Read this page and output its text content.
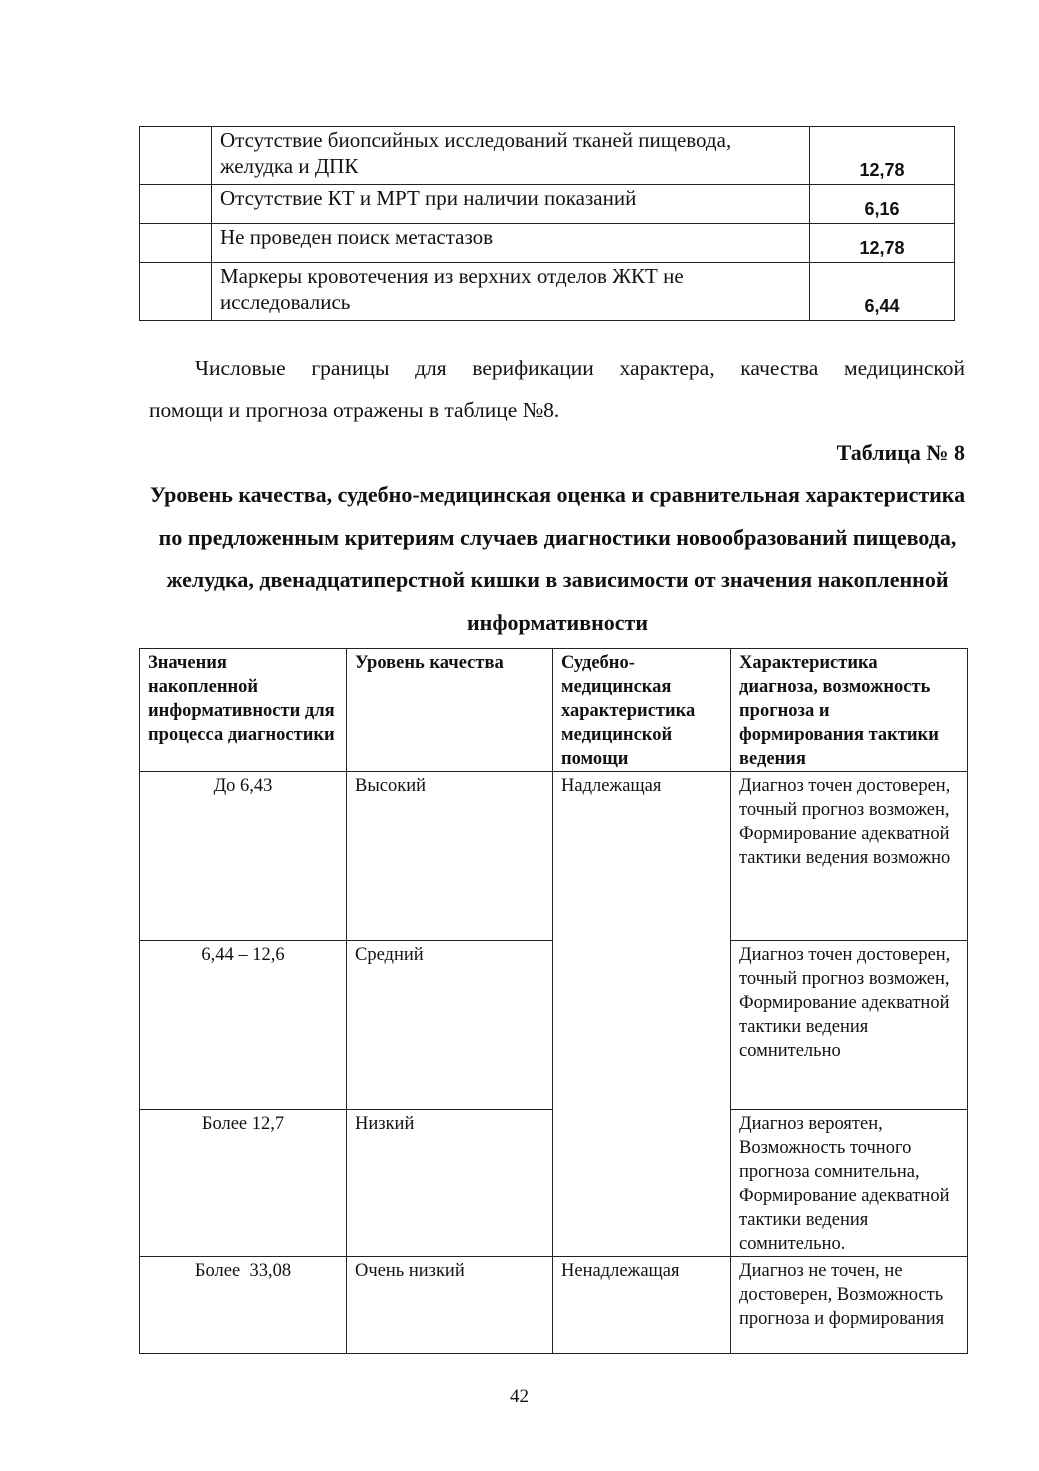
	Отсутствие биопсийных исследований тканей пищевода, желудка и ДПК	12,78
	Отсутствие КТ и МРТ при наличии показаний	6,16
	Не проведен поиск метастазов	12,78
	Маркеры кровотечения из верхних отделов ЖКТ не исследовались	6,44
Числовые границы для верификации характера, качества медицинской
помощи и прогноза отражены в таблице №8.
Таблица № 8
Уровень качества, судебно-медицинская оценка и сравнительная характеристика по предложенным критериям случаев диагностики новообразований пищевода, желудка, двенадцатиперстной кишки в зависимости от значения накопленной информативности
Значения накопленной информативности для процесса диагностики	Уровень качества	Судебно-медицинская характеристика медицинской помощи	Характеристика диагноза, возможность прогноза и формирования тактики ведения
До 6,43	Высокий	Надлежащая	Диагноз точен достоверен, точный прогноз возможен, Формирование адекватной тактики ведения возможно
6,44 – 12,6	Средний		Диагноз точен достоверен, точный прогноз возможен, Формирование адекватной тактики ведения сомнительно
Более 12,7	Низкий		Диагноз вероятен, Возможность точного прогноза сомнительна, Формирование адекватной тактики ведения сомнительно.
Более  33,08	Очень низкий	Ненадлежащая	Диагноз не точен, не достоверен, Возможность прогноза и формирования
42
